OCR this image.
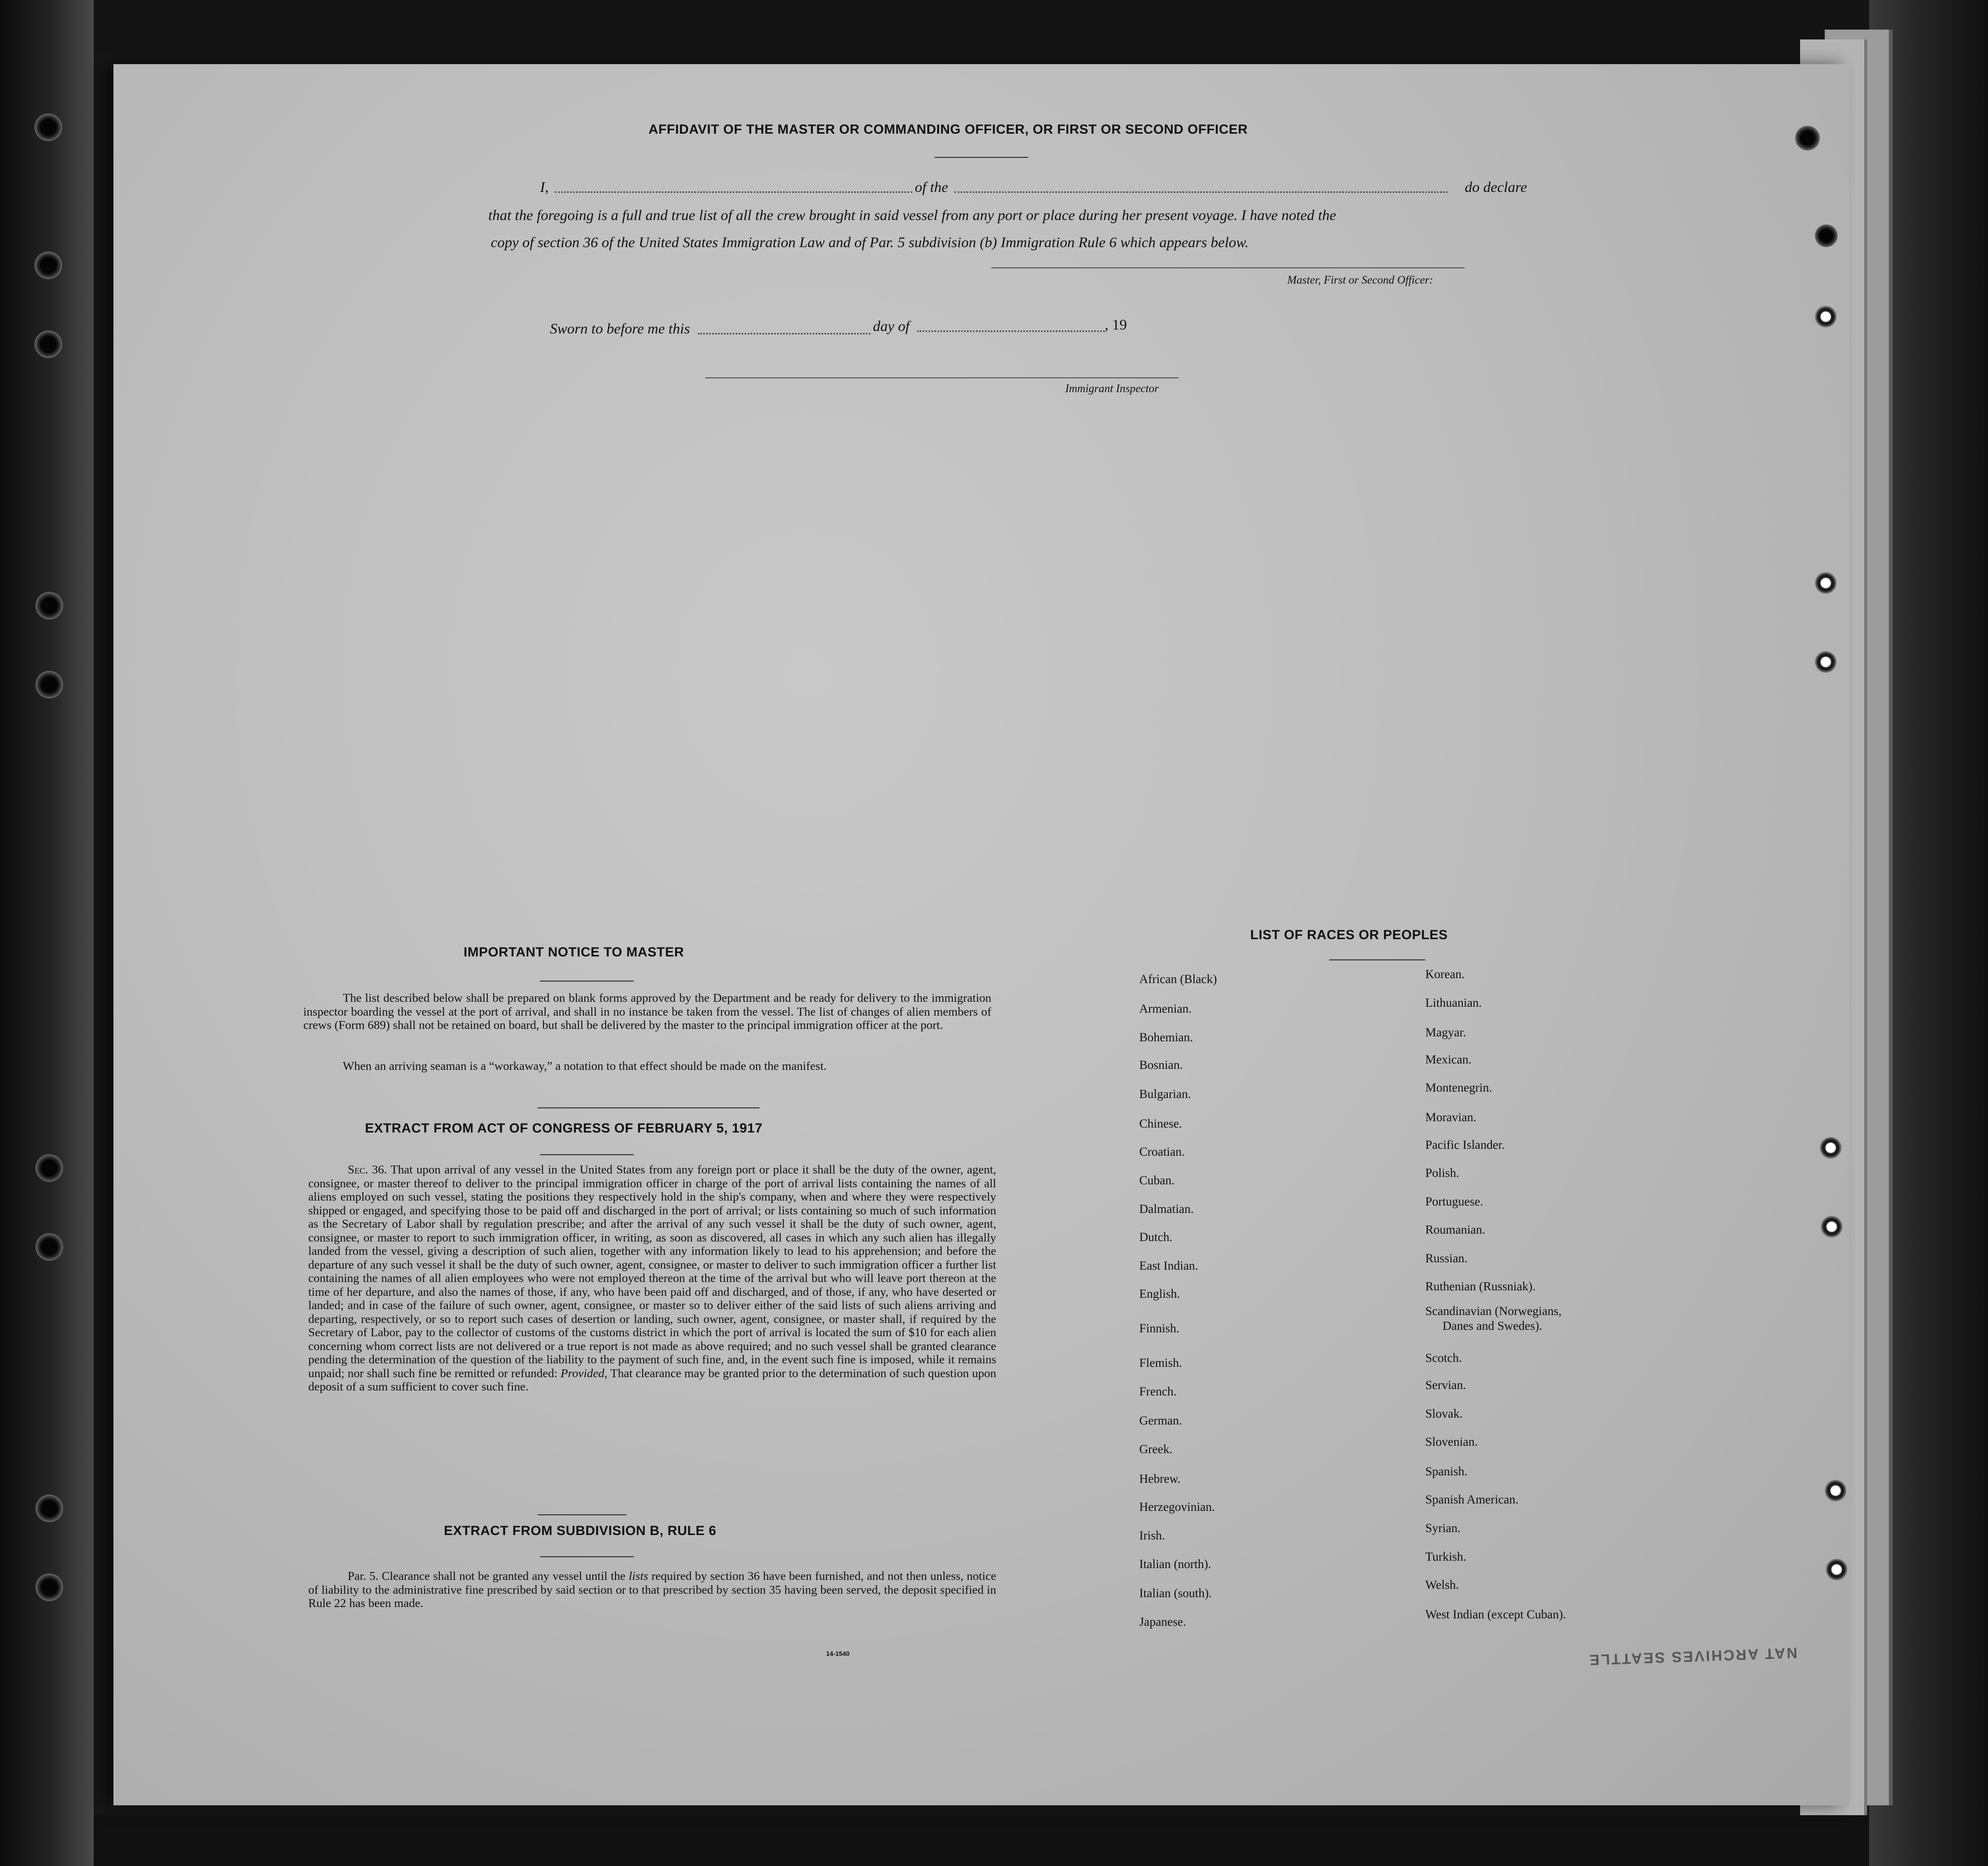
AFFIDAVIT OF THE MASTER OR COMMANDING OFFICER, OR FIRST OR SECOND OFFICER
I,	of the	do declare
that the foregoing is a full and true list of all the crew brought in said vessel from any port or place during her present voyage. I have noted the
copy of section 36 of the United States Immigration Law and of Par. 5 subdivision (b) Immigration Rule 6 which appears below.
Master, First or Second Officer:
Sworn to before me this	day of	, 19
Immigrant Inspector
IMPORTANT NOTICE TO MASTER
The list described below shall be prepared on blank forms approved by the Department and be ready for delivery to the immigration inspector boarding the vessel at the port of arrival, and shall in no instance be taken from the vessel. The list of changes of alien members of crews (Form 689) shall not be retained on board, but shall be delivered by the master to the principal immigration officer at the port.
When an arriving seaman is a “workaway,” a notation to that effect should be made on the manifest.
EXTRACT FROM ACT OF CONGRESS OF FEBRUARY 5, 1917
Sec. 36. That upon arrival of any vessel in the United States from any foreign port or place it shall be the duty of the owner, agent, consignee, or master thereof to deliver to the principal immigration officer in charge of the port of arrival lists containing the names of all aliens employed on such vessel, stating the positions they respectively hold in the ship's company, when and where they were respectively shipped or engaged, and specifying those to be paid off and discharged in the port of arrival; or lists containing so much of such information as the Secretary of Labor shall by regulation prescribe; and after the arrival of any such vessel it shall be the duty of such owner, agent, consignee, or master to report to such immigration officer, in writing, as soon as discovered, all cases in which any such alien has illegally landed from the vessel, giving a description of such alien, together with any information likely to lead to his apprehension; and before the departure of any such vessel it shall be the duty of such owner, agent, consignee, or master to deliver to such immigration officer a further list containing the names of all alien employees who were not employed thereon at the time of the arrival but who will leave port thereon at the time of her departure, and also the names of those, if any, who have been paid off and discharged, and of those, if any, who have deserted or landed; and in case of the failure of such owner, agent, consignee, or master so to deliver either of the said lists of such aliens arriving and departing, respectively, or so to report such cases of desertion or landing, such owner, agent, consignee, or master shall, if required by the Secretary of Labor, pay to the collector of customs of the customs district in which the port of arrival is located the sum of $10 for each alien concerning whom correct lists are not delivered or a true report is not made as above required; and no such vessel shall be granted clearance pending the determination of the question of the liability to the payment of such fine, and, in the event such fine is imposed, while it remains unpaid; nor shall such fine be remitted or refunded: Provided, That clearance may be granted prior to the determination of such question upon deposit of a sum sufficient to cover such fine.
EXTRACT FROM SUBDIVISION B, RULE 6
Par. 5. Clearance shall not be granted any vessel until the lists required by section 36 have been furnished, and not then unless, notice of liability to the administrative fine prescribed by said section or to that prescribed by section 35 having been served, the deposit specified in Rule 22 has been made.
14-1540
LIST OF RACES OR PEOPLES
African (Black)
Armenian.
Bohemian.
Bosnian.
Bulgarian.
Chinese.
Croatian.
Cuban.
Dalmatian.
Dutch.
East Indian.
English.
Finnish.
Flemish.
French.
German.
Greek.
Hebrew.
Herzegovinian.
Irish.
Italian (north).
Italian (south).
Japanese.
Korean.
Lithuanian.
Magyar.
Mexican.
Montenegrin.
Moravian.
Pacific Islander.
Polish.
Portuguese.
Roumanian.
Russian.
Ruthenian (Russniak).
Scandinavian (Norwegians,
Danes and Swedes).
Scotch.
Servian.
Slovak.
Slovenian.
Spanish.
Spanish American.
Syrian.
Turkish.
Welsh.
West Indian (except Cuban).
NAT ARCHIVES SEATTLE
